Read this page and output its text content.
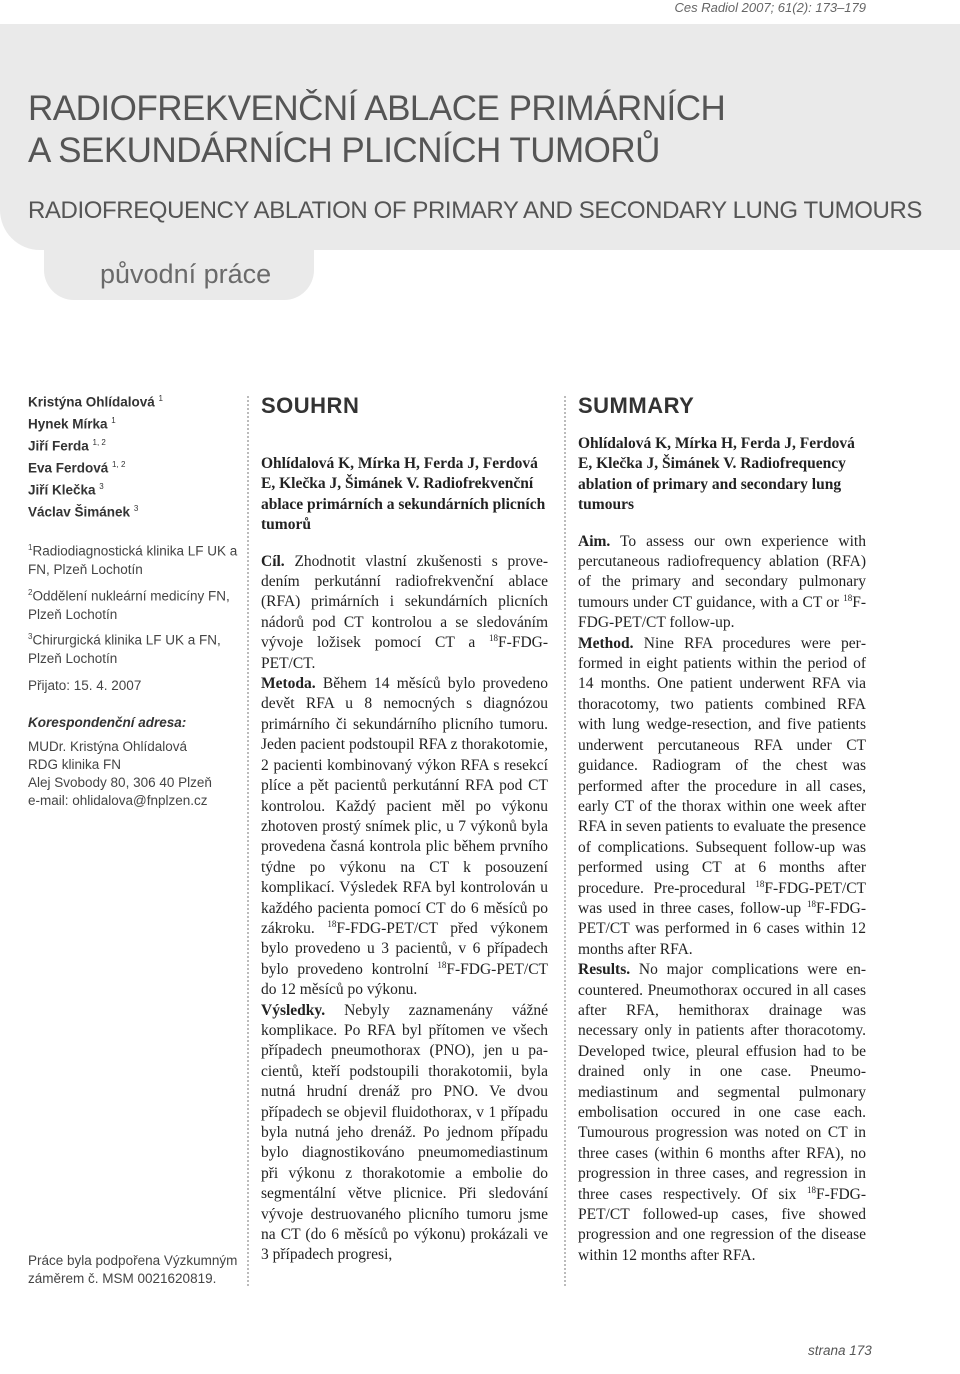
Ces Radiol 2007; 61(2): 173–179
RADIOFREKVENČNÍ ABLACE PRIMÁRNÍCH
A SEKUNDÁRNÍCH PLICNÍCH TUMORŮ
RADIOFREQUENCY ABLATION OF PRIMARY AND SECONDARY LUNG TUMOURS
původní práce
Kristýna Ohlídalová $^1$
Hynek Mírka $^1$
Jiří Ferda $^{1, 2}$
Eva Ferdová $^{1, 2}$
Jiří Klečka $^3$
Václav Šimánek $^3$
$^1$Radiodiagnostická klinika LF UK a FN, Plzeň Lochotín
$^2$Oddělení nukleární medicíny FN, Plzeň Lochotín
$^3$Chirurgická klinika LF UK a FN, Plzeň Lochotín
Přijato: 15. 4. 2007
Korespondenční adresa:
MUDr. Kristýna Ohlídalová
RDG klinika FN
Alej Svobody 80, 306 40 Plzeň
e-mail: ohlidalova@fnplzen.cz
Práce byla podpořena Výzkumným záměrem č. MSM 0021620819.
SOUHRN

Ohlídalová K, Mírka H, Ferda J, Ferdová E, Klečka J, Šimánek V. Radiofrekvenční ablace primárních a sekundárních plicních tumorů

Cíl. Zhodnotit vlastní zkušenosti s provedením perkutánní radiofrekvenční ablace (RFA) primárních i sekundárních plicních nádorů pod CT kontrolou a se sledováním vývoje ložisek pomocí CT a $^{18}$F-FDG-PET/CT.

Metoda. Během 14 měsíců bylo provedeno devět RFA u 8 nemocných s diagnózou primárního či sekundárního plicního tumoru. Jeden pacient podstoupil RFA z thorakotomie, 2 pacienti kombinovaný výkon RFA s resekcí plíce a pět pacientů perkutánní RFA pod CT kontrolou. Každý pacient měl po výkonu zhotoven prostý snímek plic, u 7 výkonů byla provedena časná kontrola plic během prvního týdne po výkonu na CT k posouzení komplikací. Výsledek RFA byl kontrolován u každého pacienta pomocí CT do 6 měsíců po zákroku. $^{18}$F-FDG-PET/CT před výkonem bylo provedeno u 3 pacientů, v 6 případech bylo provedeno kontrolní $^{18}$F-FDG-PET/CT do 12 měsíců po výkonu.

Výsledky. Nebyly zaznamenány vážné komplikace. Po RFA byl přítomen ve všech případech pneumothorax (PNO), jen u pacientů, kteří podstoupili thorakotomii, byla nutná hrudní drenáž pro PNO. Ve dvou případech se objevil fluidothorax, v 1 případu byla nutná jeho drenáž. Po jednom případu bylo diagnostikováno pneumomediastinum při výkonu z thorakotomie a embolie do segmentální větve plicnice. Při sledování vývoje destruovaného plicního tumoru jsme na CT (do 6 měsíců po výkonu) prokázali ve 3 případech progresi,

SUMMARY

Ohlídalová K, Mírka H, Ferda J, Ferdová E, Klečka J, Šimánek V. Radiofrequency ablation of primary and secondary lung tumours

Aim. To assess our own experience with percutaneous radiofrequency ablation (RFA) of the primary and secondary pulmonary tumours under CT guidance, with a CT or $^{18}$F-FDG-PET/CT follow-up.

Method. Nine RFA procedures were performed in eight patients within the period of 14 months. One patient underwent RFA via thoracotomy, two patients combined RFA with lung wedge-resection, and five patients underwent percutaneous RFA under CT guidance. Radiogram of the chest was performed after the procedure in all cases, early CT of the thorax within one week after RFA in seven patients to evaluate the presence of complications. Subsequent follow-up was performed using CT at 6 months after procedure. Pre-procedural $^{18}$F-FDG-PET/CT was used in three cases, follow-up $^{18}$F-FDG-PET/CT was performed in 6 cases within 12 months after RFA.

Results. No major complications were encountered. Pneumothorax occured in all cases after RFA, hemithorax drainage was necessary only in patients after thoracotomy. Developed twice, pleural effusion had to be drained only in one case. Pneumomediastinum and segmental pulmonary embolisation occured in one case each. Tumourous progression was noted on CT in three cases (within 6 months after RFA), no progression in three cases, and regression in three cases respectively. Of six $^{18}$F-FDG-PET/CT followed-up cases, five showed progression and one regression of the disease within 12 months after RFA.

strana 173
